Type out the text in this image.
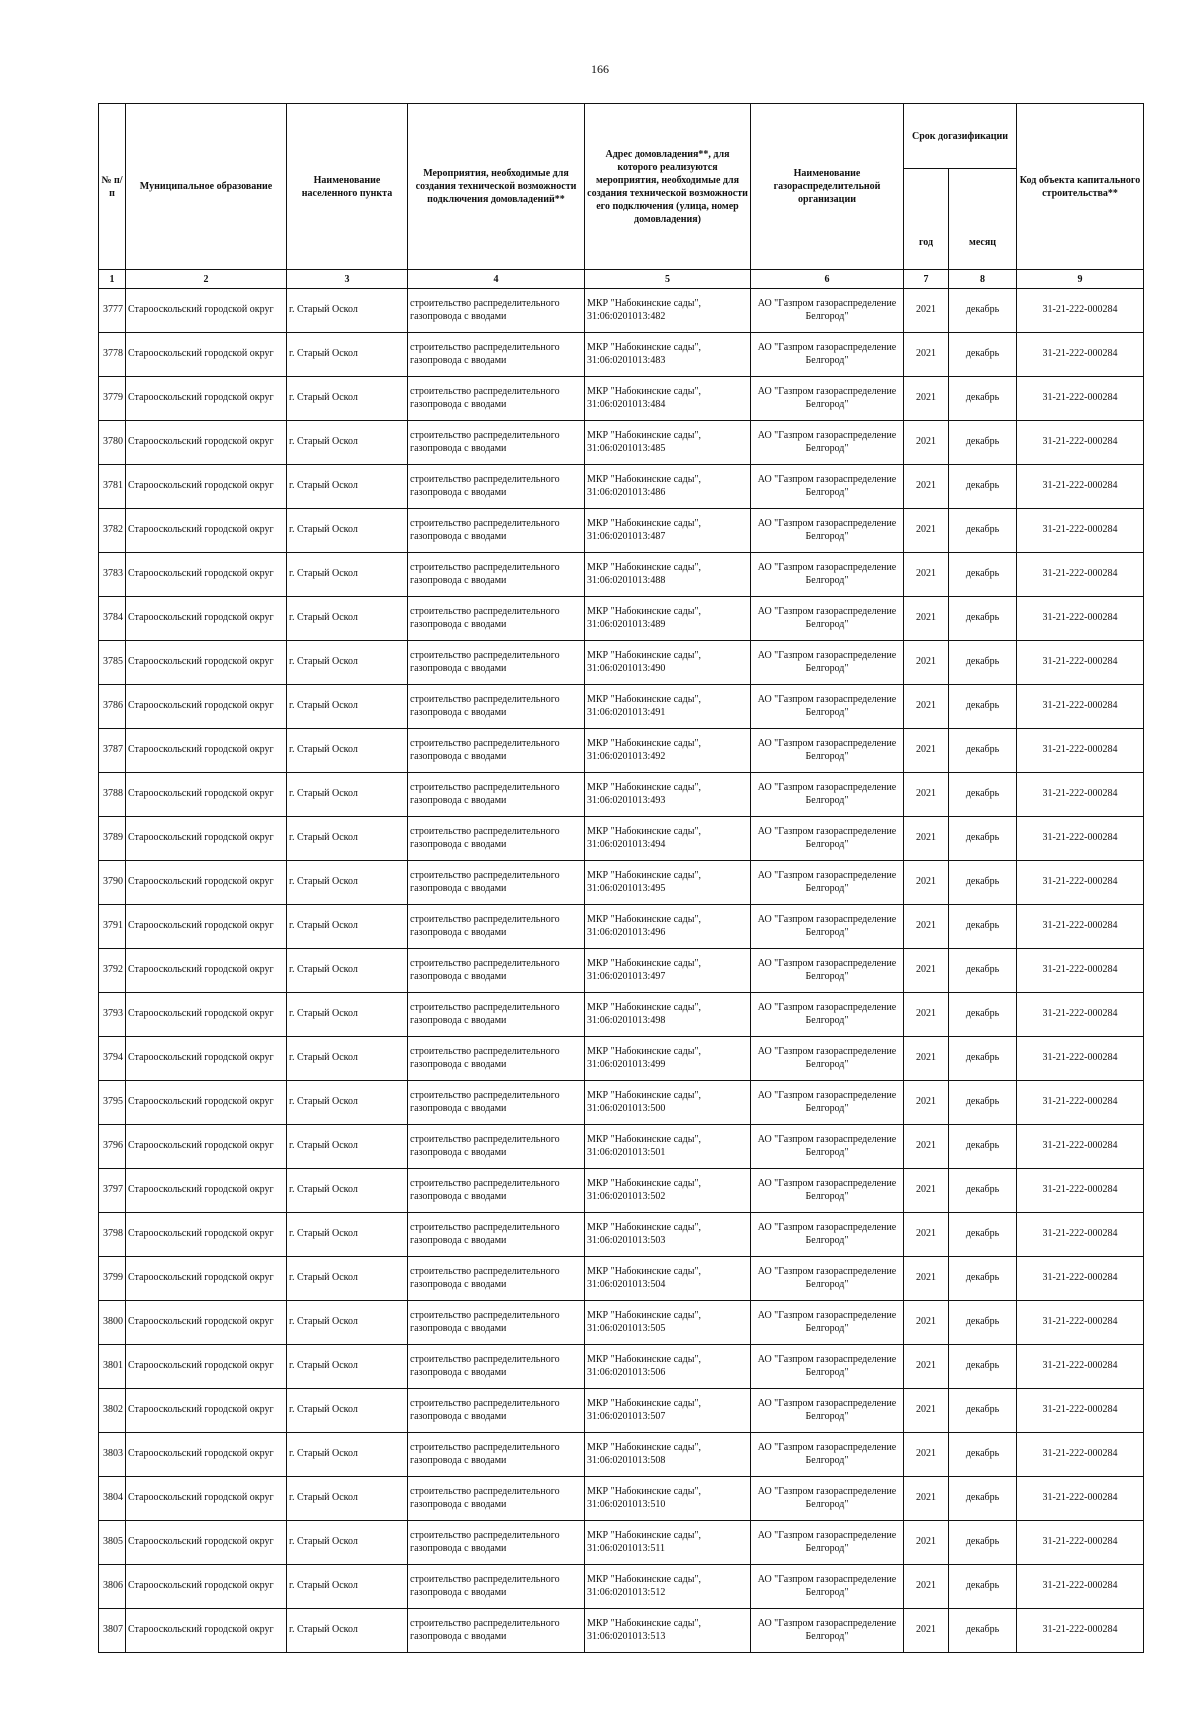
166
№ п/п	Муниципальное образование	Наименование населенного пункта	Мероприятия, необходимые для создания технической возможности подключения домовладений**	Адрес домовладения**, для которого реализуются мероприятия, необходимые для создания технической возможности его подключения (улица, номер домовладения)	Наименование газораспределительной организации	Срок догазификации		Код объекта капитального строительства**
						год	месяц	
1	2	3	4	5	6	7	8	9
3777	Старооскольский городской округ	г. Старый Оскол	строительство распределительного газопровода с вводами	МКР "Набокинские сады", 31:06:0201013:482	АО "Газпром газораспределение Белгород"	2021	декабрь	31-21-222-000284
3778	Старооскольский городской округ	г. Старый Оскол	строительство распределительного газопровода с вводами	МКР "Набокинские сады", 31:06:0201013:483	АО "Газпром газораспределение Белгород"	2021	декабрь	31-21-222-000284
3779	Старооскольский городской округ	г. Старый Оскол	строительство распределительного газопровода с вводами	МКР "Набокинские сады", 31:06:0201013:484	АО "Газпром газораспределение Белгород"	2021	декабрь	31-21-222-000284
3780	Старооскольский городской округ	г. Старый Оскол	строительство распределительного газопровода с вводами	МКР "Набокинские сады", 31:06:0201013:485	АО "Газпром газораспределение Белгород"	2021	декабрь	31-21-222-000284
3781	Старооскольский городской округ	г. Старый Оскол	строительство распределительного газопровода с вводами	МКР "Набокинские сады", 31:06:0201013:486	АО "Газпром газораспределение Белгород"	2021	декабрь	31-21-222-000284
3782	Старооскольский городской округ	г. Старый Оскол	строительство распределительного газопровода с вводами	МКР "Набокинские сады", 31:06:0201013:487	АО "Газпром газораспределение Белгород"	2021	декабрь	31-21-222-000284
3783	Старооскольский городской округ	г. Старый Оскол	строительство распределительного газопровода с вводами	МКР "Набокинские сады", 31:06:0201013:488	АО "Газпром газораспределение Белгород"	2021	декабрь	31-21-222-000284
3784	Старооскольский городской округ	г. Старый Оскол	строительство распределительного газопровода с вводами	МКР "Набокинские сады", 31:06:0201013:489	АО "Газпром газораспределение Белгород"	2021	декабрь	31-21-222-000284
3785	Старооскольский городской округ	г. Старый Оскол	строительство распределительного газопровода с вводами	МКР "Набокинские сады", 31:06:0201013:490	АО "Газпром газораспределение Белгород"	2021	декабрь	31-21-222-000284
3786	Старооскольский городской округ	г. Старый Оскол	строительство распределительного газопровода с вводами	МКР "Набокинские сады", 31:06:0201013:491	АО "Газпром газораспределение Белгород"	2021	декабрь	31-21-222-000284
3787	Старооскольский городской округ	г. Старый Оскол	строительство распределительного газопровода с вводами	МКР "Набокинские сады", 31:06:0201013:492	АО "Газпром газораспределение Белгород"	2021	декабрь	31-21-222-000284
3788	Старооскольский городской округ	г. Старый Оскол	строительство распределительного газопровода с вводами	МКР "Набокинские сады", 31:06:0201013:493	АО "Газпром газораспределение Белгород"	2021	декабрь	31-21-222-000284
3789	Старооскольский городской округ	г. Старый Оскол	строительство распределительного газопровода с вводами	МКР "Набокинские сады", 31:06:0201013:494	АО "Газпром газораспределение Белгород"	2021	декабрь	31-21-222-000284
3790	Старооскольский городской округ	г. Старый Оскол	строительство распределительного газопровода с вводами	МКР "Набокинские сады", 31:06:0201013:495	АО "Газпром газораспределение Белгород"	2021	декабрь	31-21-222-000284
3791	Старооскольский городской округ	г. Старый Оскол	строительство распределительного газопровода с вводами	МКР "Набокинские сады", 31:06:0201013:496	АО "Газпром газораспределение Белгород"	2021	декабрь	31-21-222-000284
3792	Старооскольский городской округ	г. Старый Оскол	строительство распределительного газопровода с вводами	МКР "Набокинские сады", 31:06:0201013:497	АО "Газпром газораспределение Белгород"	2021	декабрь	31-21-222-000284
3793	Старооскольский городской округ	г. Старый Оскол	строительство распределительного газопровода с вводами	МКР "Набокинские сады", 31:06:0201013:498	АО "Газпром газораспределение Белгород"	2021	декабрь	31-21-222-000284
3794	Старооскольский городской округ	г. Старый Оскол	строительство распределительного газопровода с вводами	МКР "Набокинские сады", 31:06:0201013:499	АО "Газпром газораспределение Белгород"	2021	декабрь	31-21-222-000284
3795	Старооскольский городской округ	г. Старый Оскол	строительство распределительного газопровода с вводами	МКР "Набокинские сады", 31:06:0201013:500	АО "Газпром газораспределение Белгород"	2021	декабрь	31-21-222-000284
3796	Старооскольский городской округ	г. Старый Оскол	строительство распределительного газопровода с вводами	МКР "Набокинские сады", 31:06:0201013:501	АО "Газпром газораспределение Белгород"	2021	декабрь	31-21-222-000284
3797	Старооскольский городской округ	г. Старый Оскол	строительство распределительного газопровода с вводами	МКР "Набокинские сады", 31:06:0201013:502	АО "Газпром газораспределение Белгород"	2021	декабрь	31-21-222-000284
3798	Старооскольский городской округ	г. Старый Оскол	строительство распределительного газопровода с вводами	МКР "Набокинские сады", 31:06:0201013:503	АО "Газпром газораспределение Белгород"	2021	декабрь	31-21-222-000284
3799	Старооскольский городской округ	г. Старый Оскол	строительство распределительного газопровода с вводами	МКР "Набокинские сады", 31:06:0201013:504	АО "Газпром газораспределение Белгород"	2021	декабрь	31-21-222-000284
3800	Старооскольский городской округ	г. Старый Оскол	строительство распределительного газопровода с вводами	МКР "Набокинские сады", 31:06:0201013:505	АО "Газпром газораспределение Белгород"	2021	декабрь	31-21-222-000284
3801	Старооскольский городской округ	г. Старый Оскол	строительство распределительного газопровода с вводами	МКР "Набокинские сады", 31:06:0201013:506	АО "Газпром газораспределение Белгород"	2021	декабрь	31-21-222-000284
3802	Старооскольский городской округ	г. Старый Оскол	строительство распределительного газопровода с вводами	МКР "Набокинские сады", 31:06:0201013:507	АО "Газпром газораспределение Белгород"	2021	декабрь	31-21-222-000284
3803	Старооскольский городской округ	г. Старый Оскол	строительство распределительного газопровода с вводами	МКР "Набокинские сады", 31:06:0201013:508	АО "Газпром газораспределение Белгород"	2021	декабрь	31-21-222-000284
3804	Старооскольский городской округ	г. Старый Оскол	строительство распределительного газопровода с вводами	МКР "Набокинские сады", 31:06:0201013:510	АО "Газпром газораспределение Белгород"	2021	декабрь	31-21-222-000284
3805	Старооскольский городской округ	г. Старый Оскол	строительство распределительного газопровода с вводами	МКР "Набокинские сады", 31:06:0201013:511	АО "Газпром газораспределение Белгород"	2021	декабрь	31-21-222-000284
3806	Старооскольский городской округ	г. Старый Оскол	строительство распределительного газопровода с вводами	МКР "Набокинские сады", 31:06:0201013:512	АО "Газпром газораспределение Белгород"	2021	декабрь	31-21-222-000284
3807	Старооскольский городской округ	г. Старый Оскол	строительство распределительного газопровода с вводами	МКР "Набокинские сады", 31:06:0201013:513	АО "Газпром газораспределение Белгород"	2021	декабрь	31-21-222-000284
